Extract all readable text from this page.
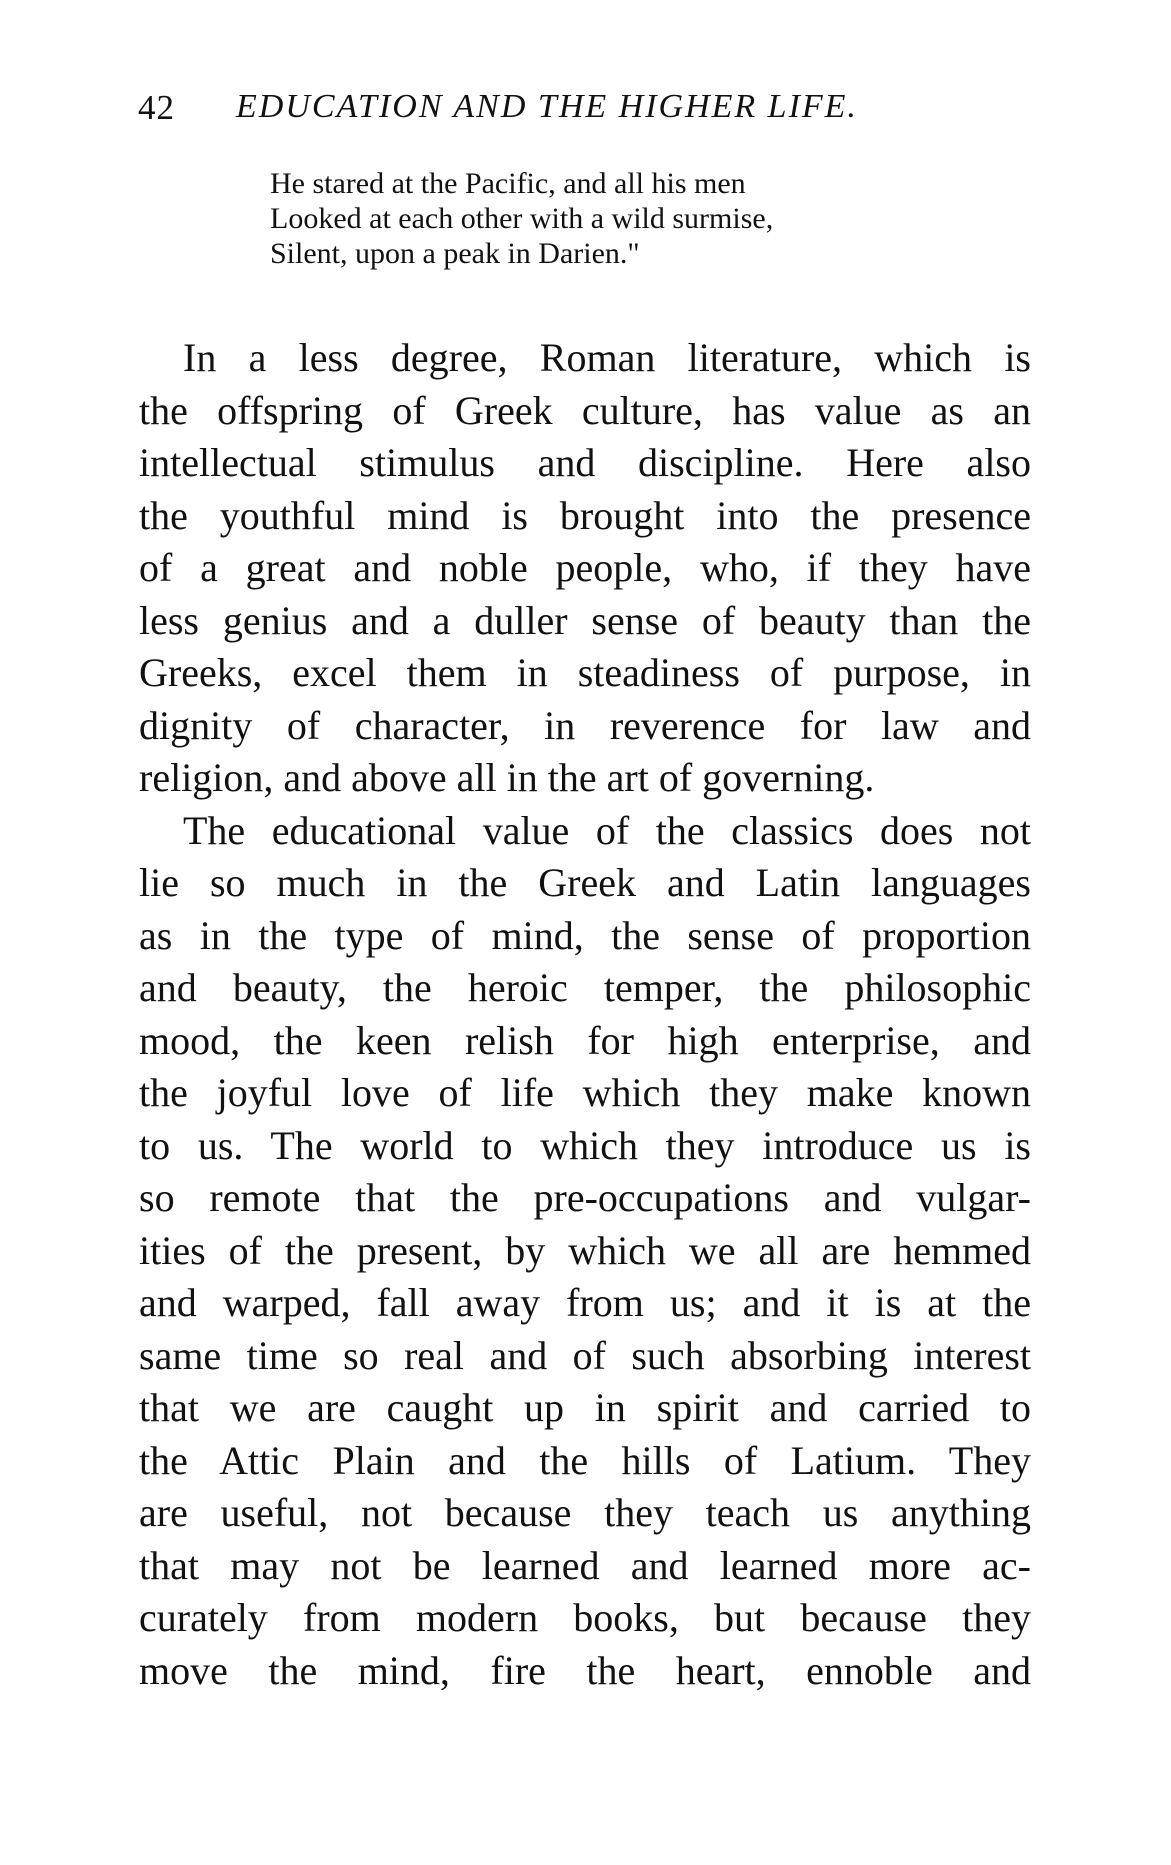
42 EDUCATION AND THE HIGHER LIFE.
He stared at the Pacific, and all his men
Looked at each other with a wild surmise,
Silent, upon a peak in Darien."
In a less degree, Roman literature, which is
the offspring of Greek culture, has value as an
intellectual stimulus and discipline. Here also
the youthful mind is brought into the presence
of a great and noble people, who, if they have
less genius and a duller sense of beauty than the
Greeks, excel them in steadiness of purpose, in
dignity of character, in reverence for law and
religion, and above all in the art of governing.
The educational value of the classics does not
lie so much in the Greek and Latin languages
as in the type of mind, the sense of proportion
and beauty, the heroic temper, the philosophic
mood, the keen relish for high enterprise, and
the joyful love of life which they make known
to us. The world to which they introduce us is
so remote that the pre-occupations and vulgar-
ities of the present, by which we all are hemmed
and warped, fall away from us; and it is at the
same time so real and of such absorbing interest
that we are caught up in spirit and carried to
the Attic Plain and the hills of Latium. They
are useful, not because they teach us anything
that may not be learned and learned more ac-
curately from modern books, but because they
move the mind, fire the heart, ennoble and
